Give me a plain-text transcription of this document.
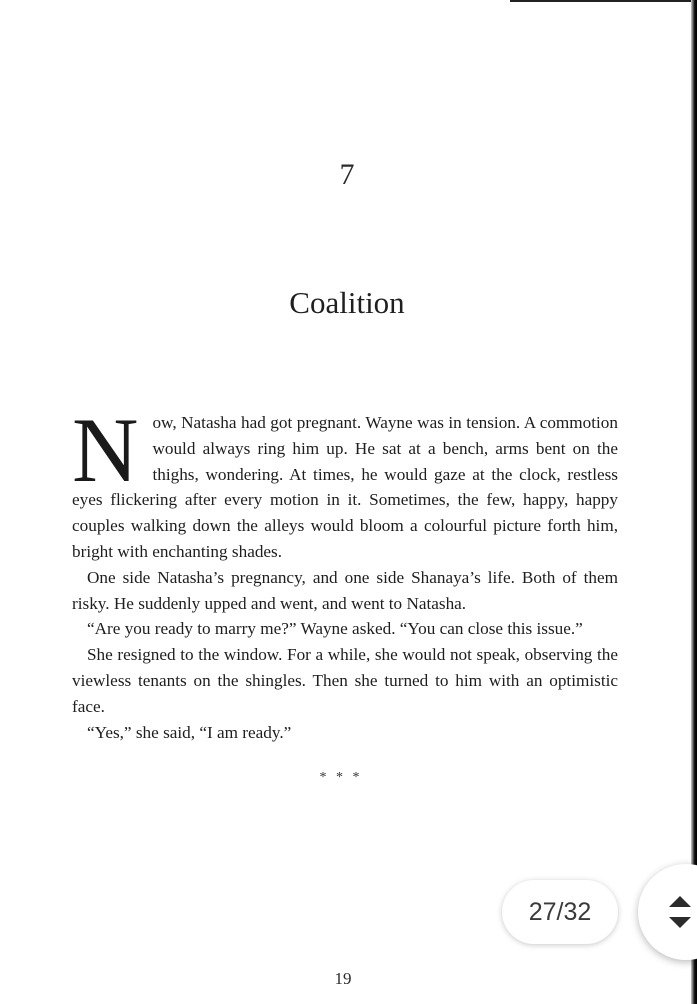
7
Coalition

Now, Natasha had got pregnant. Wayne was in tension. A commotion would always ring him up. He sat at a bench, arms bent on the thighs, wondering. At times, he would gaze at the clock, restless eyes flickering after every motion in it. Sometimes, the few, happy, happy couples walking down the alleys would bloom a colourful picture forth him, bright with enchanting shades.

One side Natasha’s pregnancy, and one side Shanaya’s life. Both of them risky. He suddenly upped and went, and went to Natasha.

“Are you ready to marry me?” Wayne asked. “You can close this issue.”

She resigned to the window. For a while, she would not speak, observing the viewless tenants on the shingles. Then she turned to him with an optimistic face.

“Yes,” she said, “I am ready.”

* * *
19
27/32
